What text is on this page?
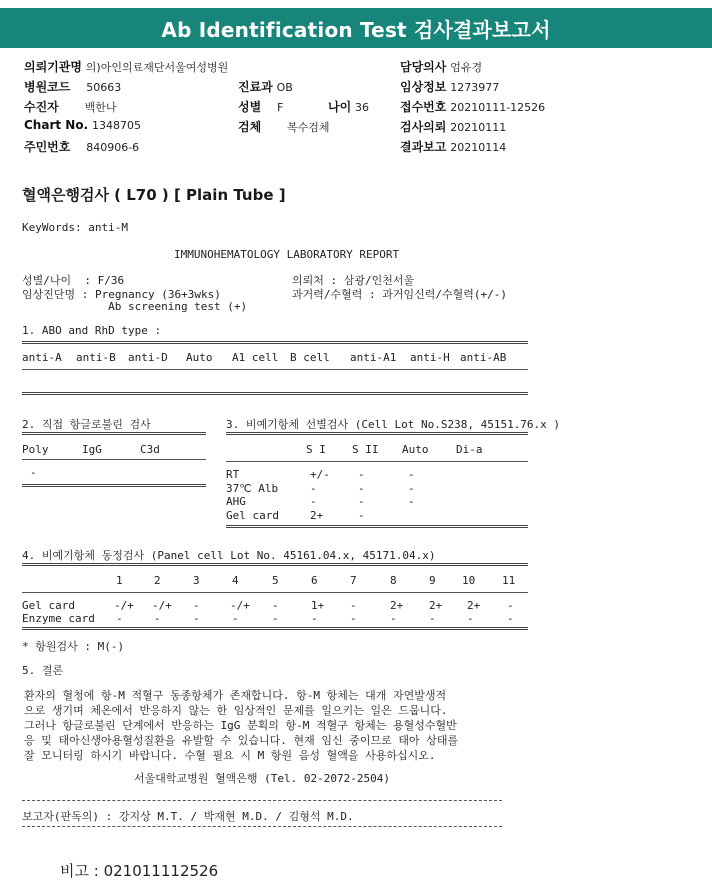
Ab Identification Test 검사결과보고서
의뢰기관명 의)아인의료재단서울여성병원	담당의사 엄유경
병원코드 50663	진료과 OB	임상정보 1273977
수진자 백한나	성별 F	나이 36	접수번호 20210111-12526
Chart No. 1348705	검체 복수검체	검사의뢰 20210111
주민번호 840906-6	결과보고 20210114
혈액은행검사 ( L70 ) [ Plain Tube ]
KeyWords: anti-M
IMMUNOHEMATOLOGY LABORATORY REPORT
성별/나이  : F/36
임상진단명 : Pregnancy (36+3wks)
Ab screening test (+)
의뢰처 : 삼광/인천서울
과거력/수혈력 : 과거임신력/수혈력(+/-)
1. ABO and RhD type :
anti-A anti-B anti-D Auto A1 cell B cell anti-A1 anti-H anti-AB
2. 직접 항글로불린 검사
Poly	IgG	C3d
-
3. 비예기항체 선별검사 (Cell Lot No.S238, 45151.76.x )
S I S II Auto	Di-a
RT	+/-	-	-
37℃ Alb	-	-	-
AHG	-	-	-
Gel card	2+	-
4. 비예기항체 동정검사 (Panel cell Lot No. 45161.04.x, 45171.04.x)
1	2	3	4	5	6	7	8	9 10 11
Gel card	-/+ -/+ -	-/+ -	1+ -	2+ 2+ 2+ -
Enzyme card -	-	-	-	-	-	-	-	-	-	-
* 항원검사 : M(-)
5. 결론
환자의 혈청에 항-M 적혈구 동종항체가 존재합니다. 항-M 항체는 대개 자연발생적
으로 생기며 체온에서 반응하지 않는 한 임상적인 문제를 일으키는 일은 드뭅니다.
그러나 항글로불린 단계에서 반응하는 IgG 분획의 항-M 적혈구 항체는 용혈성수혈반
응 및 태아신생아용혈성질환을 유발할 수 있습니다. 현재 임신 중이므로 태아 상태를
잘 모니터링 하시기 바랍니다. 수혈 필요 시 M 항원 음성 혈액을 사용하십시오.
서울대학교병원 혈액은행 (Tel. 02-2072-2504)
보고자(판독의) : 강지상 M.T. / 박재현 M.D. / 김형석 M.D.
비고 : 021011112526
